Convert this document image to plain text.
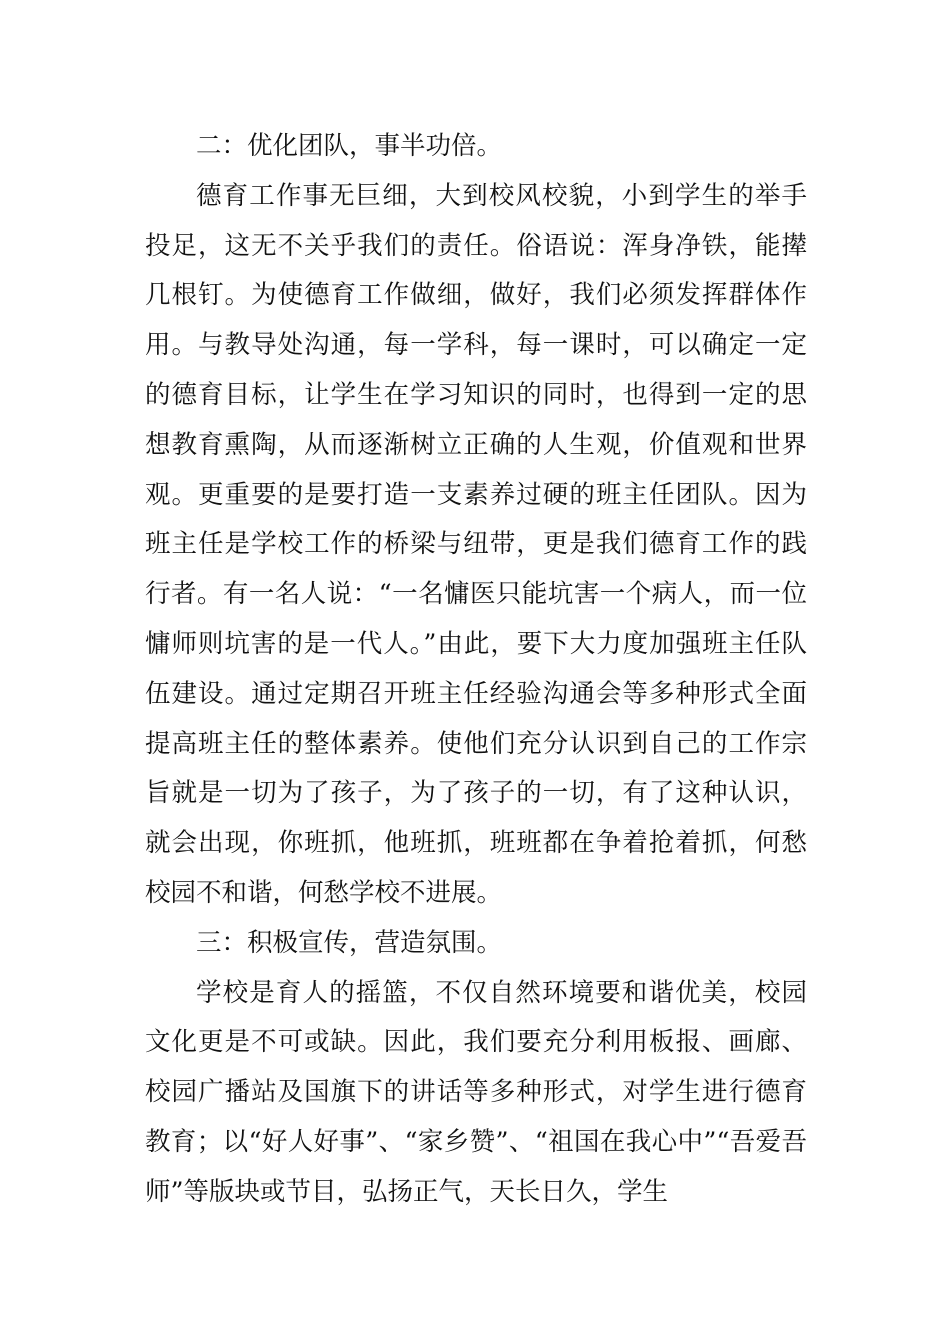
二：优化团队，事半功倍。

德育工作事无巨细，大到校风校貌，小到学生的举手投足，这无不关乎我们的责任。俗语说：浑身净铁，能撵几根钉。为使德育工作做细，做好，我们必须发挥群体作用。与教导处沟通，每一学科，每一课时，可以确定一定的德育目标，让学生在学习知识的同时，也得到一定的思想教育熏陶，从而逐渐树立正确的人生观，价值观和世界观。更重要的是要打造一支素养过硬的班主任团队。因为班主任是学校工作的桥梁与纽带，更是我们德育工作的践行者。有一名人说：“一名慵医只能坑害一个病人，而一位慵师则坑害的是一代人。”由此，要下大力度加强班主任队伍建设。通过定期召开班主任经验沟通会等多种形式全面提高班主任的整体素养。使他们充分认识到自己的工作宗旨就是一切为了孩子，为了孩子的一切，有了这种认识，就会出现，你班抓，他班抓，班班都在争着抢着抓，何愁校园不和谐，何愁学校不进展。

三：积极宣传，营造氛围。

学校是育人的摇篮，不仅自然环境要和谐优美，校园文化更是不可或缺。因此，我们要充分利用板报、画廊、校园广播站及国旗下的讲话等多种形式，对学生进行德育教育；以“好人好事”、“家乡赞”、“祖国在我心中”“吾爱吾师”等版块或节目，弘扬正气，天长日久，学生
